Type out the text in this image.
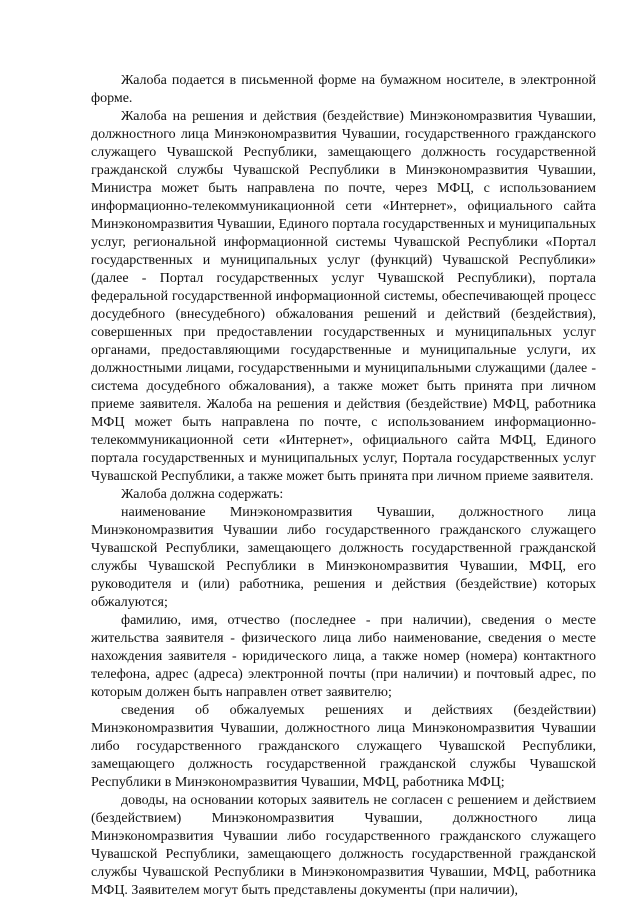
Жалоба подается в письменной форме на бумажном носителе, в электронной форме.

Жалоба на решения и действия (бездействие) Минэкономразвития Чувашии, должностного лица Минэкономразвития Чувашии, государственного гражданского служащего Чувашской Республики, замещающего должность государственной гражданской службы Чувашской Республики в Минэкономразвития Чувашии, Министра может быть направлена по почте, через МФЦ, с использованием информационно-телекоммуникационной сети «Интернет», официального сайта Минэкономразвития Чувашии, Единого портала государственных и муниципальных услуг, региональной информационной системы Чувашской Республики «Портал государственных и муниципальных услуг (функций) Чувашской Республики» (далее - Портал государственных услуг Чувашской Республики), портала федеральной государственной информационной системы, обеспечивающей процесс досудебного (внесудебного) обжалования решений и действий (бездействия), совершенных при предоставлении государственных и муниципальных услуг органами, предоставляющими государственные и муниципальные услуги, их должностными лицами, государственными и муниципальными служащими (далее - система досудебного обжалования), а также может быть принята при личном приеме заявителя. Жалоба на решения и действия (бездействие) МФЦ, работника МФЦ может быть направлена по почте, с использованием информационно-телекоммуникационной сети «Интернет», официального сайта МФЦ, Единого портала государственных и муниципальных услуг, Портала государственных услуг Чувашской Республики, а также может быть принята при личном приеме заявителя.

Жалоба должна содержать:

наименование Минэкономразвития Чувашии, должностного лица Минэкономразвития Чувашии либо государственного гражданского служащего Чувашской Республики, замещающего должность государственной гражданской службы Чувашской Республики в Минэкономразвития Чувашии, МФЦ, его руководителя и (или) работника, решения и действия (бездействие) которых обжалуются;

фамилию, имя, отчество (последнее - при наличии), сведения о месте жительства заявителя - физического лица либо наименование, сведения о месте нахождения заявителя - юридического лица, а также номер (номера) контактного телефона, адрес (адреса) электронной почты (при наличии) и почтовый адрес, по которым должен быть направлен ответ заявителю;

сведения об обжалуемых решениях и действиях (бездействии) Минэкономразвития Чувашии, должностного лица Минэкономразвития Чувашии либо государственного гражданского служащего Чувашской Республики, замещающего должность государственной гражданской службы Чувашской Республики в Минэкономразвития Чувашии, МФЦ, работника МФЦ;

доводы, на основании которых заявитель не согласен с решением и действием (бездействием) Минэкономразвития Чувашии, должностного лица Минэкономразвития Чувашии либо государственного гражданского служащего Чувашской Республики, замещающего должность государственной гражданской службы Чувашской Республики в Минэкономразвития Чувашии, МФЦ, работника МФЦ. Заявителем могут быть представлены документы (при наличии),
